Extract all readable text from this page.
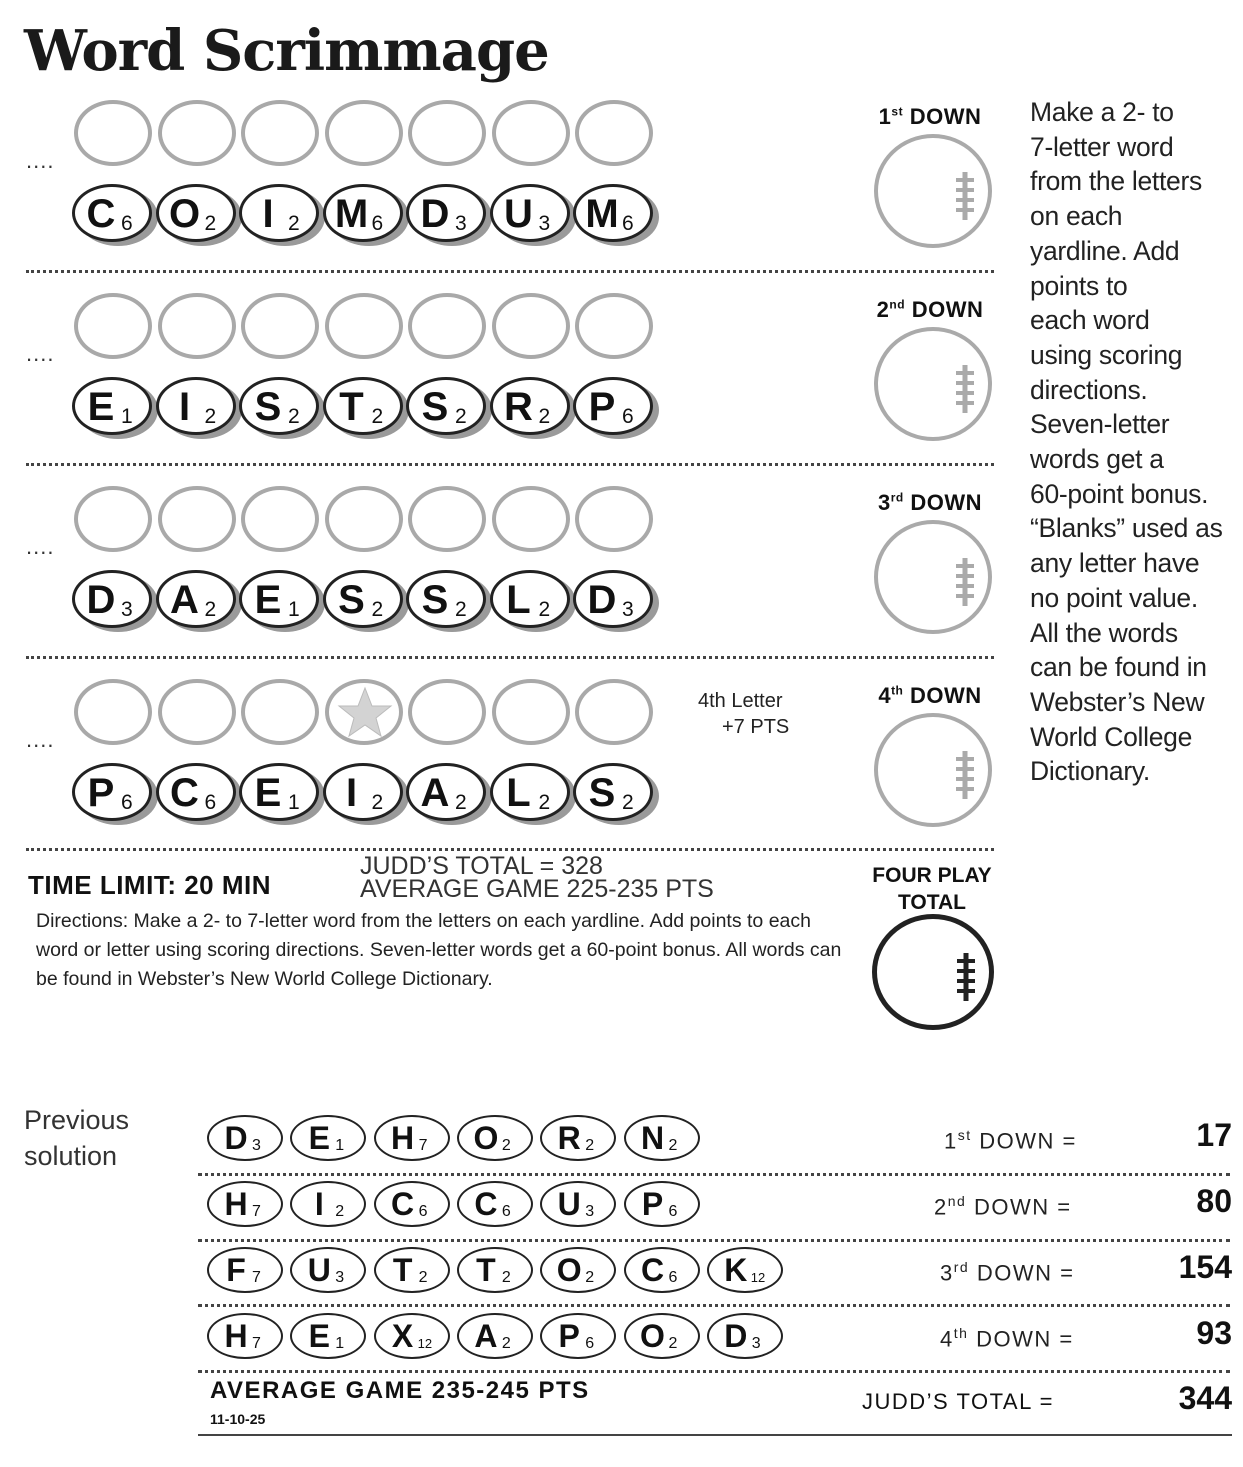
Word Scrimmage
....
C 6 O 2	I 2 M 6 D 3 U 3 M 6
1st DOWN
....
E 1	I 2 S 2 T 2 S 2 R 2 P 6
2nd DOWN
....
D 3 A 2 E 1 S 2 S 2 L 2 D 3
3rd DOWN
....
P 6 C 6 E 1	I 2 A 2 L 2 S 2
4th DOWN
Make a 2- to
7-letter word
from the letters
on each
yardline. Add
points to
each word
using scoring
directions.
Seven-letter
words get a
60-point bonus.
“Blanks” used as
any letter have
no point value.
All the words
can be found in
Webster’s New
World College
Dictionary.
4th Letter
+7 PTS
JUDD’S TOTAL = 328
AVERAGE GAME 225-235 PTS
TIME LIMIT: 20 MIN
Directions: Make a 2- to 7-letter word from the letters on each yardline. Add points to each word or letter using scoring directions. Seven-letter words get a 60-point bonus. All words can be found in Webster’s New World College Dictionary.
FOUR PLAY
TOTAL
Previous
solution	D 3	E 1	H 7	O 2	R 2	N 2	1st DOWN =	17
H 7	I 2	C 6	C 6	U 3	P 6	2nd DOWN =	80
F 7	U 3	T 2	T 2	O 2	C 6	K 12	3rd DOWN =	154
H 7	E 1	X 12	A 2	P 6	O 2	D 3	4th DOWN =	93
AVERAGE GAME 235-245 PTS
11-10-25
JUDD’S TOTAL =	344
